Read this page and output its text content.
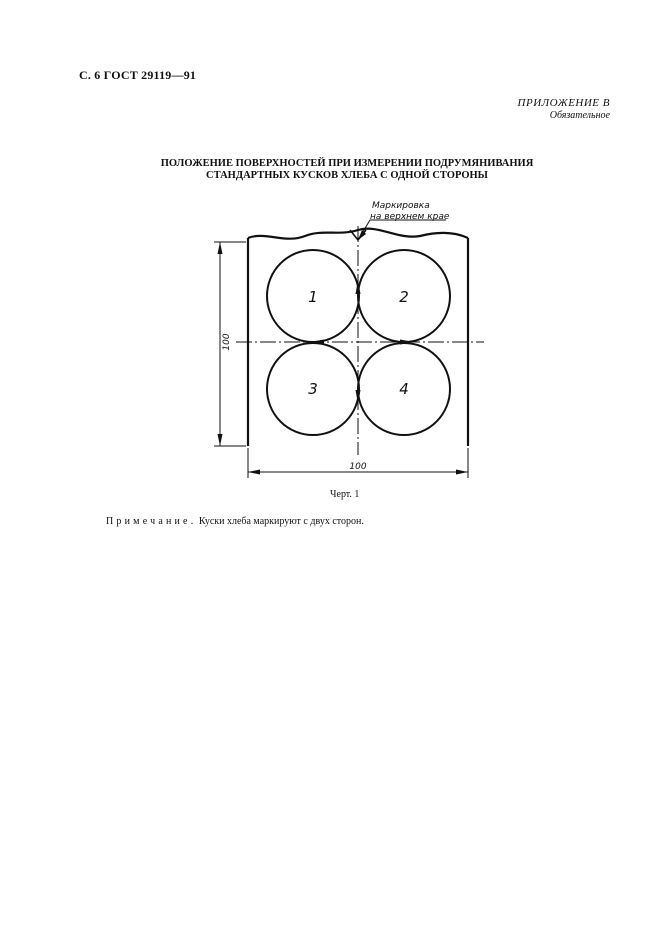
С. 6 ГОСТ 29119—91
ПРИЛОЖЕНИЕ В
Обязательное
ПОЛОЖЕНИЕ ПОВЕРХНОСТЕЙ ПРИ ИЗМЕРЕНИИ ПОДРУМЯНИВАНИЯ
СТАНДАРТНЫХ КУСКОВ ХЛЕБА С ОДНОЙ СТОРОНЫ
Маркировка
на верхнем крае
100
100
1	2
3	4
Черт. 1
Примечание. Куски хлеба маркируют с двух сторон.
